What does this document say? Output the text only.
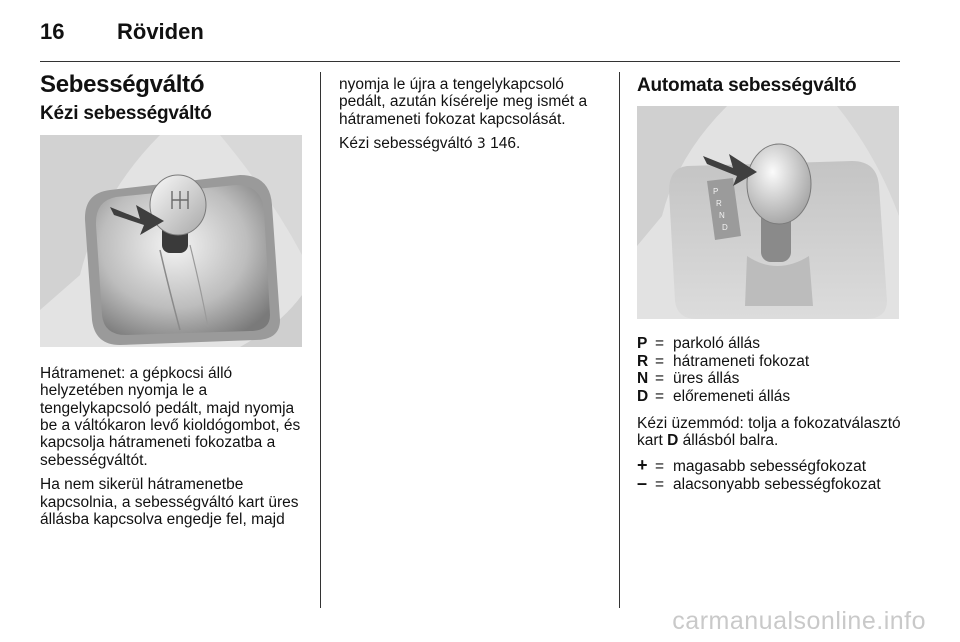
16 Röviden
Sebességváltó
Kézi sebességváltó

Hátramenet: a gépkocsi álló helyzetében nyomja le a tengelykapcsoló pedált, majd nyomja be a váltókaron levő kioldógombot, és kapcsolja hátrameneti fokozatba a sebességváltót.

Ha nem sikerül hátramenetbe kapcsolnia, a sebességváltó kart üres állásba kapcsolva engedje fel, majd

nyomja le újra a tengelykapcsoló pedált, azután kísérelje meg ismét a hátrameneti fokozat kapcsolását.

Kézi sebességváltó 3 146.

Automata sebességváltó
P
R
N
D
P = parkoló állás
R = hátrameneti fokozat
N = üres állás
D = előremeneti állás

Kézi üzemmód: tolja a fokozatválasztó kart D állásból balra.

+ = magasabb sebességfokozat
– = alacsonyabb sebességfokozat
carmanualsonline.info
